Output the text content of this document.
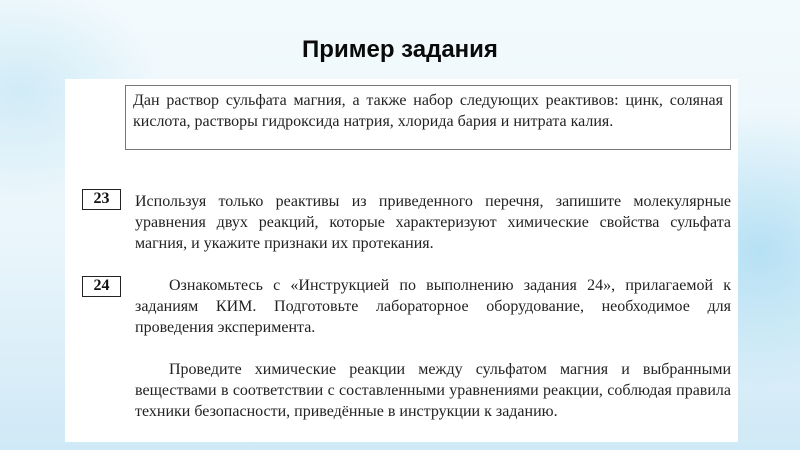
Пример задания
Дан раствор сульфата магния, а также набор следующих реактивов: цинк, соляная кислота, растворы гидроксида натрия, хлорида бария и нитрата калия.
23	Используя только реактивы из приведенного перечня, запишите молекулярные уравнения двух реакций, которые характеризуют химические свойства сульфата магния, и укажите признаки их протекания.

24	Ознакомьтесь с «Инструкцией по выполнению задания 24», прилагаемой к заданиям КИМ. Подготовьте лабораторное оборудование, необходимое для проведения эксперимента.

Проведите химические реакции между сульфатом магния и выбранными веществами в соответствии с составленными уравнениями реакции, соблюдая правила техники безопасности, приведённые в инструкции к заданию.
